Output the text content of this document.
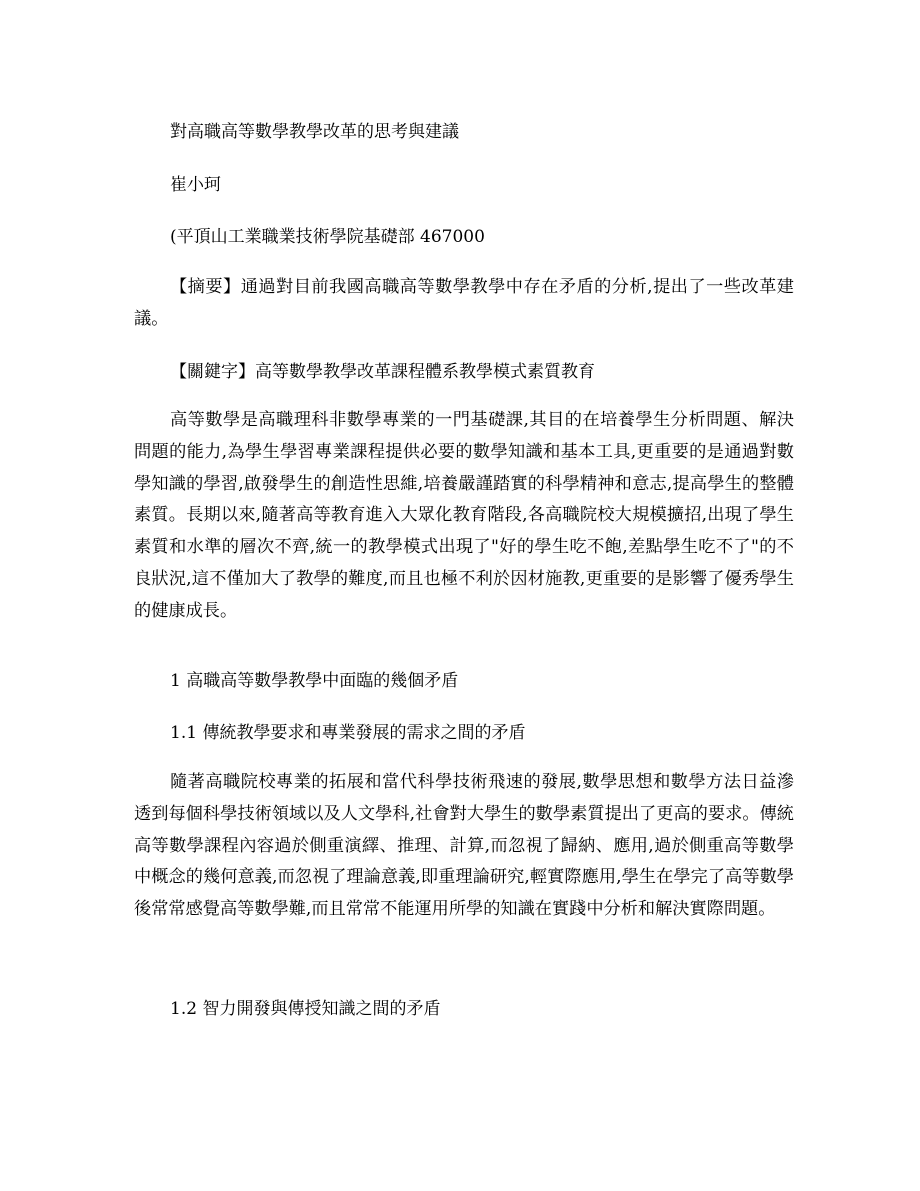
對高職高等數學教學改革的思考與建議
崔小珂
(平頂山工業職業技術學院基礎部 467000
【摘要】通過對目前我國高職高等數學教學中存在矛盾的分析,提出了一些改革建議。
【關鍵字】高等數學教學改革課程體系教學模式素質教育
高等數學是高職理科非數學專業的一門基礎課,其目的在培養學生分析問題、解決問題的能力,為學生學習專業課程提供必要的數學知識和基本工具,更重要的是通過對數學知識的學習,啟發學生的創造性思維,培養嚴謹踏實的科學精神和意志,提高學生的整體素質。長期以來,隨著高等教育進入大眾化教育階段,各高職院校大規模擴招,出現了學生素質和水準的層次不齊,統一的教學模式出現了"好的學生吃不飽,差點學生吃不了"的不良狀況,這不僅加大了教學的難度,而且也極不利於因材施教,更重要的是影響了優秀學生的健康成長。
1 高職高等數學教學中面臨的幾個矛盾
1.1 傳統教學要求和專業發展的需求之間的矛盾
隨著高職院校專業的拓展和當代科學技術飛速的發展,數學思想和數學方法日益滲透到每個科學技術領域以及人文學科,社會對大學生的數學素質提出了更高的要求。傳統高等數學課程內容過於側重演繹、推理、計算,而忽視了歸納、應用,過於側重高等數學中概念的幾何意義,而忽視了理論意義,即重理論研究,輕實際應用,學生在學完了高等數學後常常感覺高等數學難,而且常常不能運用所學的知識在實踐中分析和解決實際問題。
1.2 智力開發與傳授知識之間的矛盾
